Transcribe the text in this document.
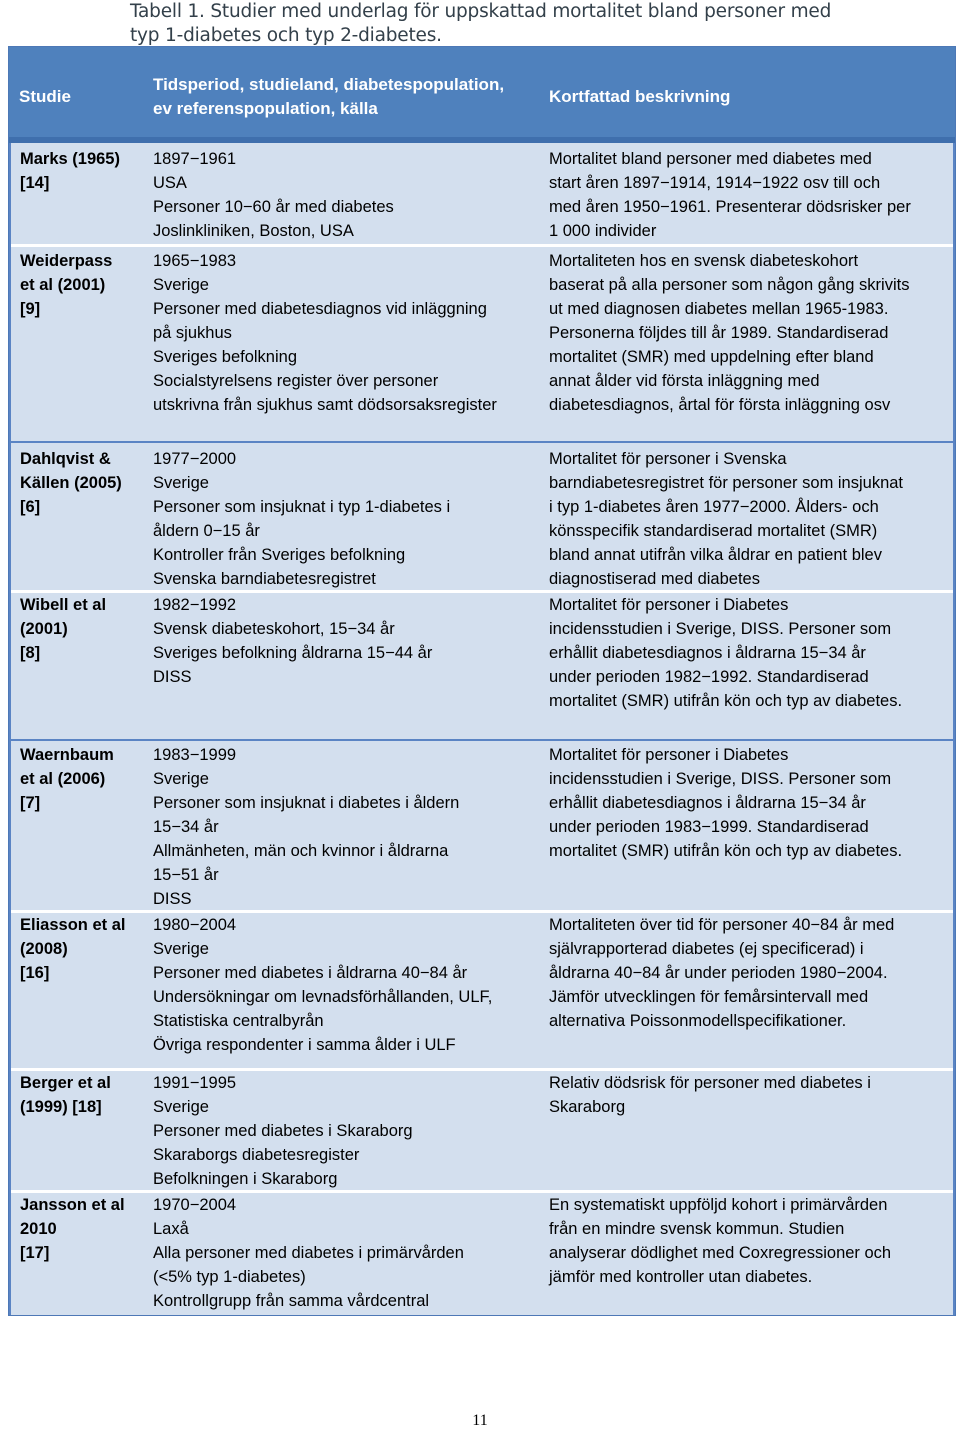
Tabell 1. Studier med underlag för uppskattad mortalitet bland personer med
typ 1-diabetes och typ 2-diabetes.
Studie
Tidsperiod, studieland, diabetespopulation,
ev referenspopulation, källa
Kortfattad beskrivning
Marks (1965)
[14]
1897−1961
USA
Personer 10−60 år med diabetes
Joslinkliniken, Boston, USA
Mortalitet bland personer med diabetes med
start åren 1897−1914, 1914−1922 osv till och
med åren 1950−1961. Presenterar dödsrisker per
1 000 individer
Weiderpass
et al (2001)
[9]
1965−1983
Sverige
Personer med diabetesdiagnos vid inläggning
på sjukhus
Sveriges befolkning
Socialstyrelsens register över personer
utskrivna från sjukhus samt dödsorsaksregister
Mortaliteten hos en svensk diabeteskohort
baserat på alla personer som någon gång skrivits
ut med diagnosen diabetes mellan 1965-1983.
Personerna följdes till år 1989. Standardiserad
mortalitet (SMR) med uppdelning efter bland
annat ålder vid första inläggning med
diabetesdiagnos, årtal för första inläggning osv
Dahlqvist &
Källen (2005)
[6]
1977−2000
Sverige
Personer som insjuknat i typ 1-diabetes i
åldern 0−15 år
Kontroller från Sveriges befolkning
Svenska barndiabetesregistret
Mortalitet för personer i Svenska
barndiabetesregistret för personer som insjuknat
i typ 1-diabetes åren 1977−2000. Ålders- och
könsspecifik standardiserad mortalitet (SMR)
bland annat utifrån vilka åldrar en patient blev
diagnostiserad med diabetes
Wibell et al
(2001)
[8]
1982−1992
Svensk diabeteskohort, 15−34 år
Sveriges befolkning åldrarna 15−44 år
DISS
Mortalitet för personer i Diabetes
incidensstudien i Sverige, DISS. Personer som
erhållit diabetesdiagnos i åldrarna 15−34 år
under perioden 1982−1992. Standardiserad
mortalitet (SMR) utifrån kön och typ av diabetes.
Waernbaum
et al (2006)
[7]
1983−1999
Sverige
Personer som insjuknat i diabetes i åldern
15−34 år
Allmänheten, män och kvinnor i åldrarna
15−51 år
DISS
Mortalitet för personer i Diabetes
incidensstudien i Sverige, DISS. Personer som
erhållit diabetesdiagnos i åldrarna 15−34 år
under perioden 1983−1999. Standardiserad
mortalitet (SMR) utifrån kön och typ av diabetes.
Eliasson et al
(2008)
[16]
1980−2004
Sverige
Personer med diabetes i åldrarna 40−84 år
Undersökningar om levnadsförhållanden, ULF,
Statistiska centralbyrån
Övriga respondenter i samma ålder i ULF
Mortaliteten över tid för personer 40−84 år med
självrapporterad diabetes (ej specificerad) i
åldrarna 40−84 år under perioden 1980−2004.
Jämför utvecklingen för femårsintervall med
alternativa Poissonmodellspecifikationer.
Berger et al
(1999) [18]
1991−1995
Sverige
Personer med diabetes i Skaraborg
Skaraborgs diabetesregister
Befolkningen i Skaraborg
Relativ dödsrisk för personer med diabetes i
Skaraborg
Jansson et al
2010
[17]
1970−2004
Laxå
Alla personer med diabetes i primärvården
(<5% typ 1-diabetes)
Kontrollgrupp från samma vårdcentral
En systematiskt uppföljd kohort i primärvården
från en mindre svensk kommun. Studien
analyserar dödlighet med Coxregressioner och
jämför med kontroller utan diabetes.
11
